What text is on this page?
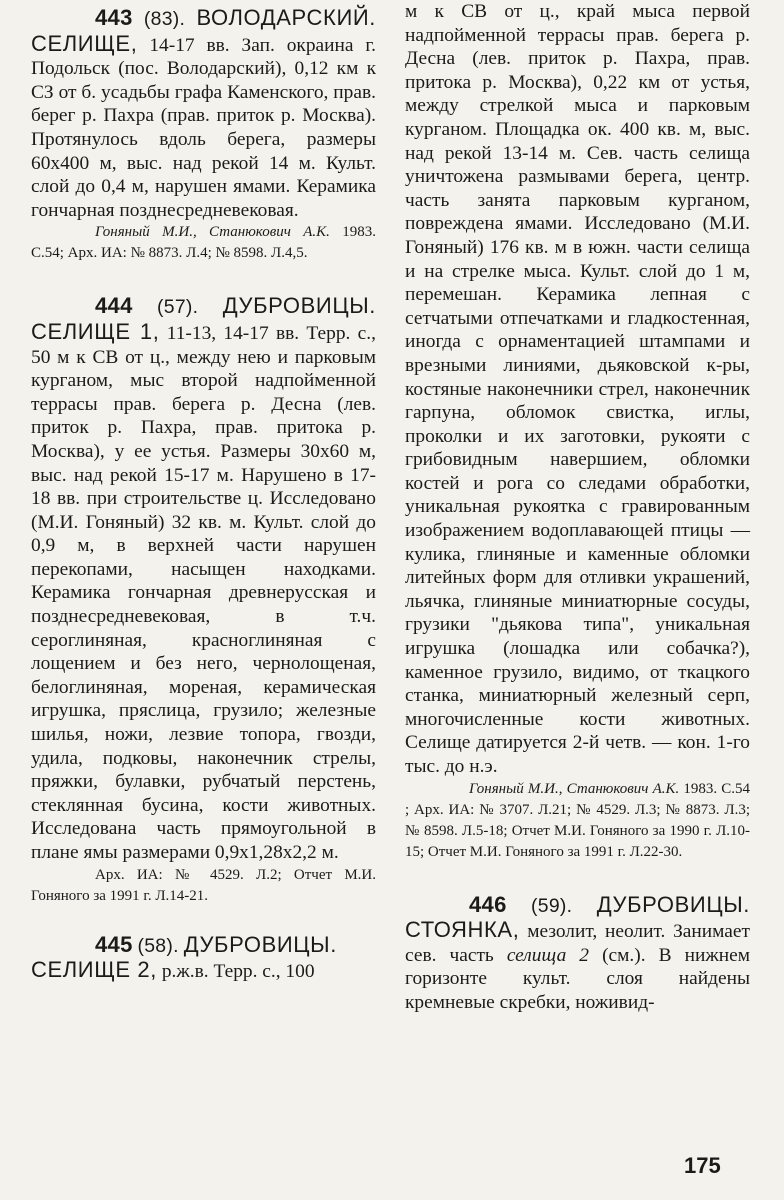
443 (83). ВОЛОДАРСКИЙ. СЕЛИЩЕ, 14-17 вв. Зап. окраина г. Подольск (пос. Володарский), 0,12 км к СЗ от б. усадьбы графа Каменского, прав. берег р. Пахра (прав. приток р. Москва). Протянулось вдоль берега, размеры 60х400 м, выс. над рекой 14 м. Культ. слой до 0,4 м, нарушен ямами. Керамика гончарная позднесредневековая.

Гоняный М.И., Станюкович А.К. 1983. С.54; Арх. ИА: № 8873. Л.4; № 8598. Л.4,5.

444 (57). ДУБРОВИЦЫ. СЕЛИЩЕ 1, 11-13, 14-17 вв. Терр. с., 50 м к СВ от ц., между нею и парковым курганом, мыс второй надпойменной террасы прав. берега р. Десна (лев. приток р. Пахра, прав. притока р. Москва), у ее устья. Размеры 30х60 м, выс. над рекой 15-17 м. Нарушено в 17-18 вв. при строительстве ц. Исследовано (М.И. Гоняный) 32 кв. м. Культ. слой до 0,9 м, в верхней части нарушен перекопами, насыщен находками. Керамика гончарная древнерусская и позднесредневековая, в т.ч. сероглиняная, красноглиняная с лощением и без него, чернолощеная, белоглиняная, мореная, керамическая игрушка, пряслица, грузило; железные шилья, ножи, лезвие топора, гвозди, удила, подковы, наконечник стрелы, пряжки, булавки, рубчатый перстень, стеклянная бусина, кости животных. Исследована часть прямоугольной в плане ямы размерами 0,9х1,28х2,2 м.

Арх. ИА: № 4529. Л.2; Отчет М.И. Гоняного за 1991 г. Л.14-21.

445 (58). ДУБРОВИЦЫ. СЕЛИЩЕ 2, р.ж.в. Терр. с., 100

м к СВ от ц., край мыса первой надпойменной террасы прав. берега р. Десна (лев. приток р. Пахра, прав. притока р. Москва), 0,22 км от устья, между стрелкой мыса и парковым курганом. Площадка ок. 400 кв. м, выс. над рекой 13-14 м. Сев. часть селища уничтожена размывами берега, центр. часть занята парковым курганом, повреждена ямами. Исследовано (М.И. Гоняный) 176 кв. м в южн. части селища и на стрелке мыса. Культ. слой до 1 м, перемешан. Керамика лепная с сетчатыми отпечатками и гладкостенная, иногда с орнаментацией штампами и врезными линиями, дьяковской к-ры, костяные наконечники стрел, наконечник гарпуна, обломок свистка, иглы, проколки и их заготовки, рукояти с грибовидным навершием, обломки костей и рога со следами обработки, уникальная рукоятка с гравированным изображением водоплавающей птицы — кулика, глиняные и каменные обломки литейных форм для отливки украшений, льячка, глиняные миниатюрные сосуды, грузики "дьякова типа", уникальная игрушка (лошадка или собачка?), каменное грузило, видимо, от ткацкого станка, миниатюрный железный серп, многочисленные кости животных. Селище датируется 2-й четв. — кон. 1-го тыс. до н.э.

Гоняный М.И., Станюкович А.К. 1983. С.54 ; Арх. ИА: № 3707. Л.21; № 4529. Л.3; № 8873. Л.3; № 8598. Л.5-18; Отчет М.И. Гоняного за 1990 г. Л.10-15; Отчет М.И. Гоняного за 1991 г. Л.22-30.

446 (59). ДУБРОВИЦЫ. СТОЯНКА, мезолит, неолит. Занимает сев. часть селища 2 (см.). В нижнем горизонте культ. слоя найдены кремневые скребки, ноживид-

175
